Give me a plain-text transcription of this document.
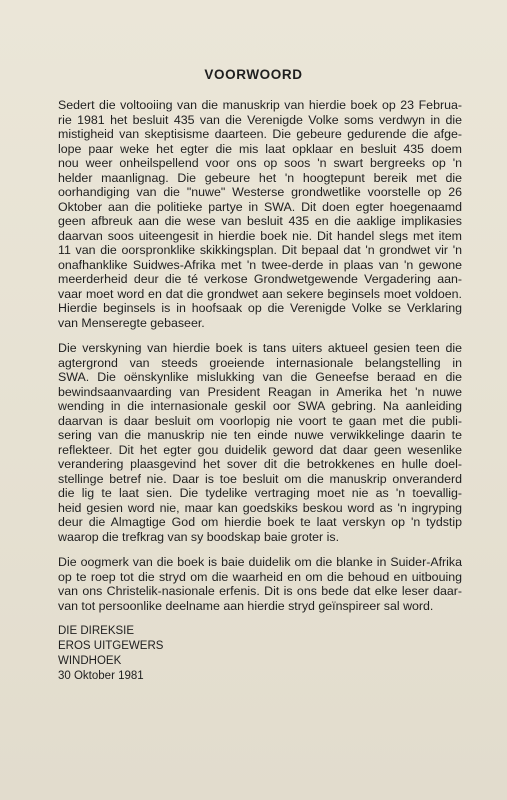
VOORWOORD

Sedert die voltooiing van die manuskrip van hierdie boek op 23 Februa-
rie 1981 het besluit 435 van die Verenigde Volke soms verdwyn in die
mistigheid van skeptisisme daarteen. Die gebeure gedurende die afge-
lope paar weke het egter die mis laat opklaar en besluit 435 doem
nou weer onheilspellend voor ons op soos 'n swart bergreeks op 'n
helder maanlignag. Die gebeure het 'n hoogtepunt bereik met die
oorhandiging van die "nuwe" Westerse grondwetlike voorstelle op 26
Oktober aan die politieke partye in SWA. Dit doen egter hoegenaamd
geen afbreuk aan die wese van besluit 435 en die aaklige implikasies
daarvan soos uiteengesit in hierdie boek nie. Dit handel slegs met item
11 van die oorspronklike skikkingsplan. Dit bepaal dat 'n grondwet vir 'n
onafhanklike Suidwes-Afrika met 'n twee-derde in plaas van 'n gewone
meerderheid deur die té verkose Grondwetgewende Vergadering aan-
vaar moet word en dat die grondwet aan sekere beginsels moet voldoen.
Hierdie beginsels is in hoofsaak op die Verenigde Volke se Verklaring
van Menseregte gebaseer.

Die verskyning van hierdie boek is tans uiters aktueel gesien teen die
agtergrond van steeds groeiende internasionale belangstelling in
SWA. Die oënskynlike mislukking van die Geneefse beraad en die
bewindsaanvaarding van President Reagan in Amerika het 'n nuwe
wending in die internasionale geskil oor SWA gebring. Na aanleiding
daarvan is daar besluit om voorlopig nie voort te gaan met die publi-
sering van die manuskrip nie ten einde nuwe verwikkelinge daarin te
reflekteer. Dit het egter gou duidelik geword dat daar geen wesenlike
verandering plaasgevind het sover dit die betrokkenes en hulle doel-
stellinge betref nie. Daar is toe besluit om die manuskrip onveranderd
die lig te laat sien. Die tydelike vertraging moet nie as 'n toevallig-
heid gesien word nie, maar kan goedskiks beskou word as 'n ingryping
deur die Almagtige God om hierdie boek te laat verskyn op 'n tydstip
waarop die trefkrag van sy boodskap baie groter is.

Die oogmerk van die boek is baie duidelik om die blanke in Suider-Afrika
op te roep tot die stryd om die waarheid en om die behoud en uitbouing
van ons Christelik-nasionale erfenis. Dit is ons bede dat elke leser daar-
van tot persoonlike deelname aan hierdie stryd geïnspireer sal word.

DIE DIREKSIE
EROS UITGEWERS
WINDHOEK
30 Oktober 1981
